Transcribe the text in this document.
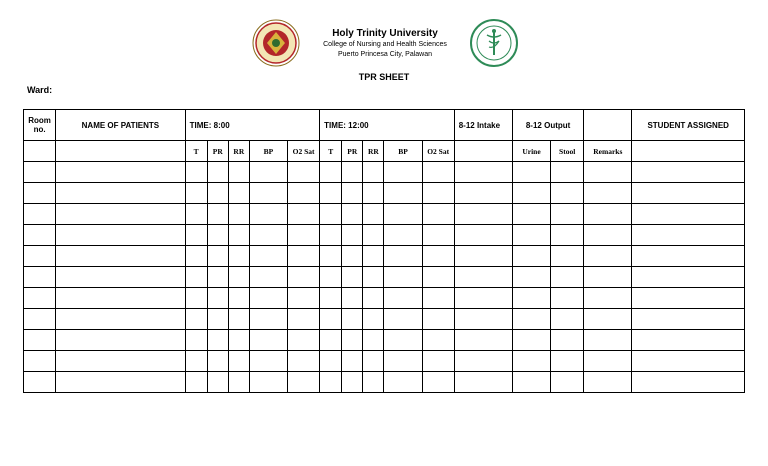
Holy Trinity University
College of Nursing and Health Sciences
Puerto Princesa City, Palawan
TPR SHEET
Ward:
Room no.	NAME OF PATIENTS	TIME: 8:00					TIME: 12:00					8-12 Intake	8-12 Output			STUDENT ASSIGNED
		T	PR	RR	BP	O2 Sat	T	PR	RR	BP	O2 Sat		Urine	Stool	Remarks	
